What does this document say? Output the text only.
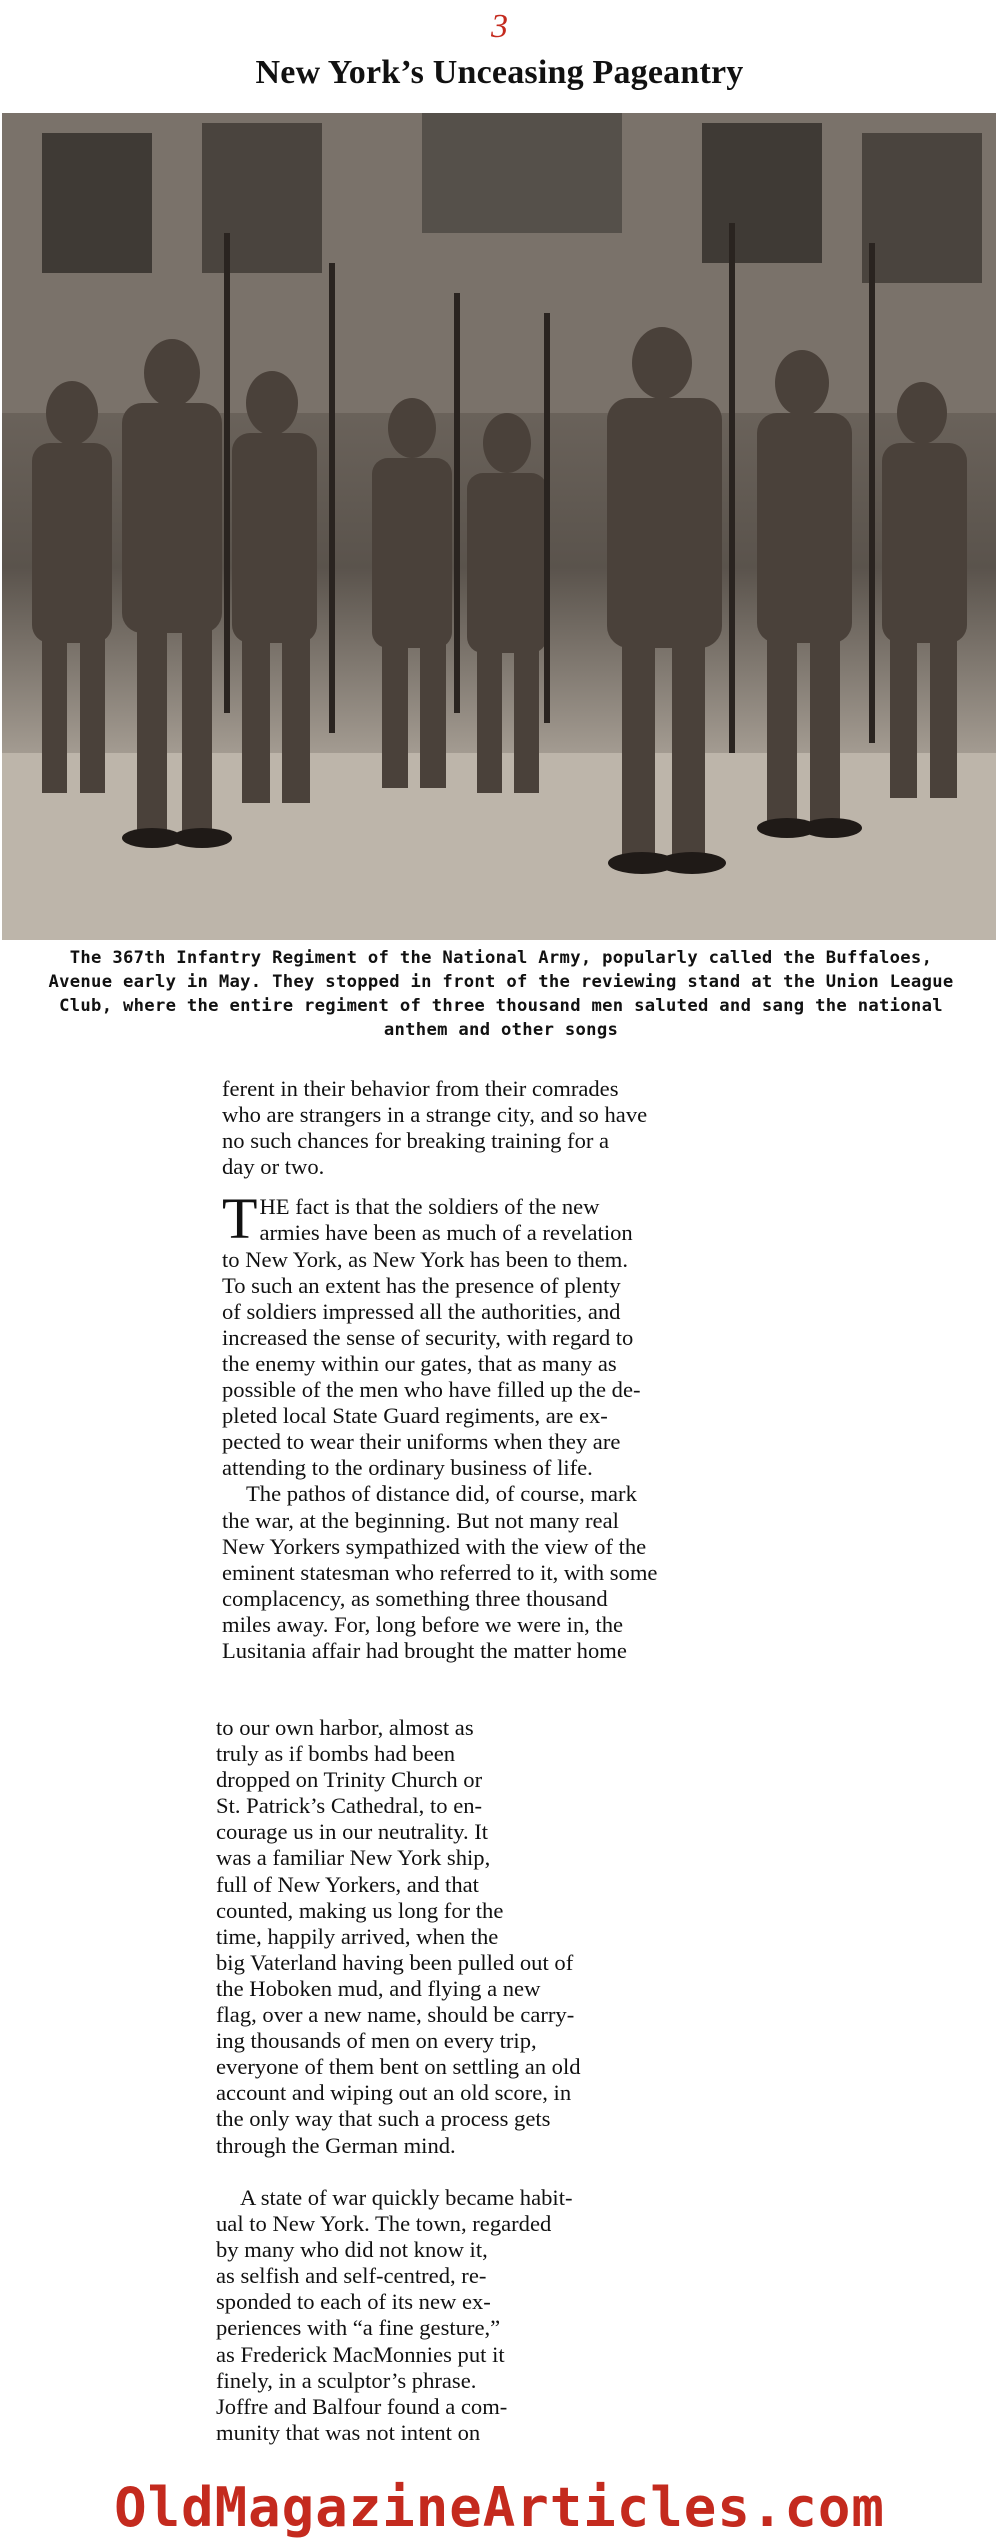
3
New York’s Unceasing Pageantry
The 367th Infantry Regiment of the National Army, popularly called the Buffaloes,
Avenue early in May. They stopped in front of the reviewing stand at the Union League
Club, where the entire regiment of three thousand men saluted and sang the national
anthem and other songs
ferent in their behavior from their comrades
who are strangers in a strange city, and so have
no such chances for breaking training for a
day or two.
T HE fact is that the soldiers of the new
armies have been as much of a revelation
to New York, as New York has been to them.
To such an extent has the presence of plenty
of soldiers impressed all the authorities, and
increased the sense of security, with regard to
the enemy within our gates, that as many as
possible of the men who have filled up the de-
pleted local State Guard regiments, are ex-
pected to wear their uniforms when they are
attending to the ordinary business of life.
The pathos of distance did, of course, mark
the war, at the beginning. But not many real
New Yorkers sympathized with the view of the
eminent statesman who referred to it, with some
complacency, as something three thousand
miles away. For, long before we were in, the
Lusitania affair had brought the matter home
to our own harbor, almost as
truly as if bombs had been
dropped on Trinity Church or
St. Patrick’s Cathedral, to en-
courage us in our neutrality. It
was a familiar New York ship,
full of New Yorkers, and that
counted, making us long for the
time, happily arrived, when the
big Vaterland having been pulled out of
the Hoboken mud, and flying a new
flag, over a new name, should be carry-
ing thousands of men on every trip,
everyone of them bent on settling an old
account and wiping out an old score, in
the only way that such a process gets
through the German mind.
A state of war quickly became habit-
ual to New York. The town, regarded
by many who did not know it,
as selfish and self-centred, re-
sponded to each of its new ex-
periences with “a fine gesture,”
as Frederick MacMonnies put it
finely, in a sculptor’s phrase.
Joffre and Balfour found a com-
munity that was not intent on
OldMagazineArticles.com
